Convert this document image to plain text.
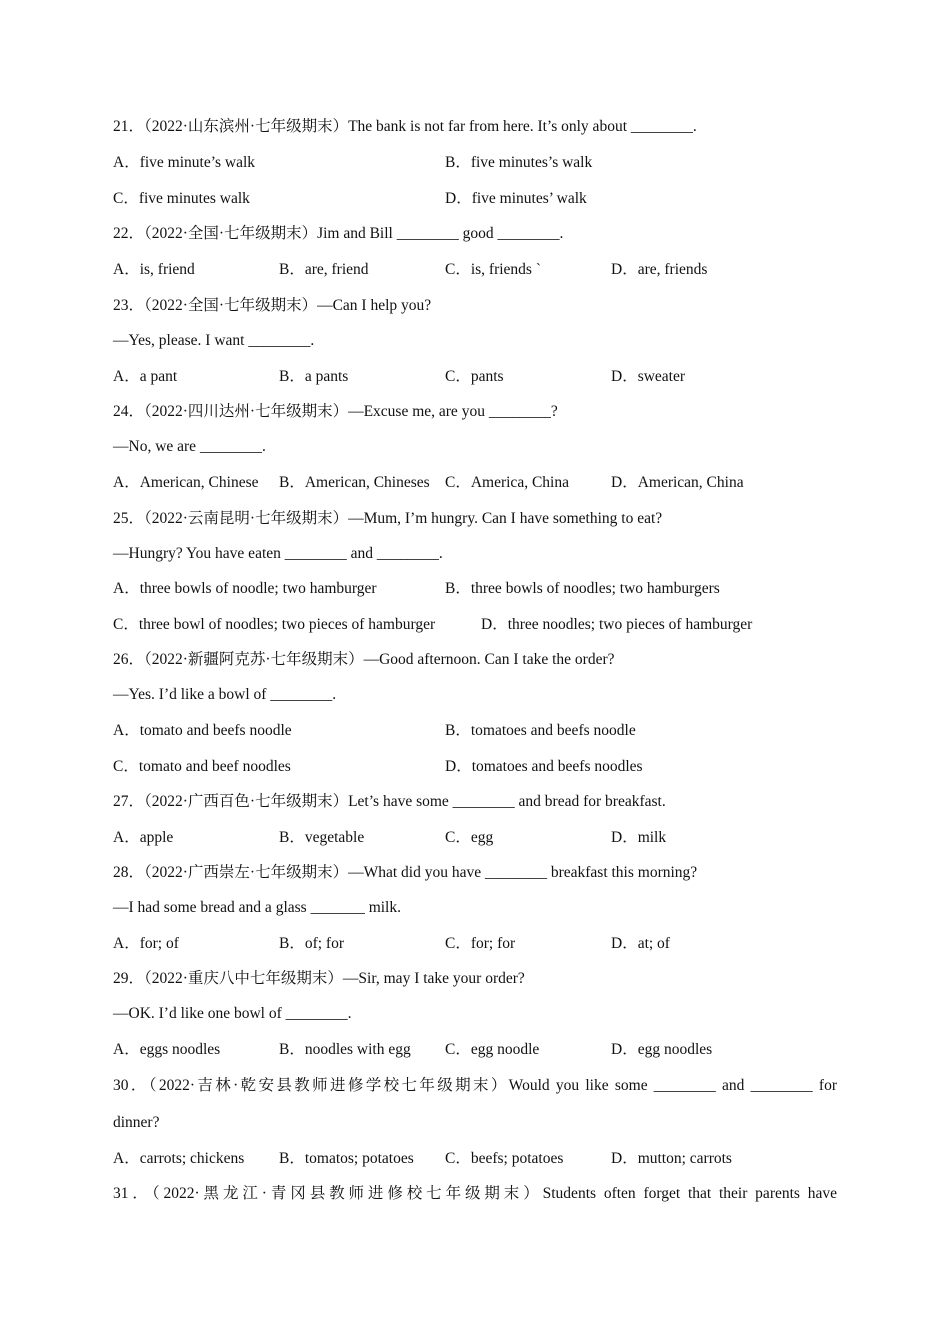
21．（2022·山东滨州·七年级期末）The bank is not far from here. It’s only about ________.
A．five minute’s walk	B．five minutes’s walk
C．five minutes walk	D．five minutes’ walk
22．（2022·全国·七年级期末）Jim and Bill ________ good ________.
A．is, friend	B．are, friend	C．is, friends `	D．are, friends
23．（2022·全国·七年级期末）—Can I help you?
—Yes, please. I want ________.
A．a pant	B．a pants	C．pants	D．sweater
24．（2022·四川达州·七年级期末）—Excuse me, are you ________?
—No, we are ________.
A．American, Chinese B．American, Chineses C．America, China	D．American, China
25．（2022·云南昆明·七年级期末）—Mum, I’m hungry. Can I have something to eat?
—Hungry? You have eaten ________ and ________.
A．three bowls of noodle; two hamburger	B．three bowls of noodles; two hamburgers
C．three bowl of noodles; two pieces of hamburger	D．three noodles; two pieces of hamburger
26．（2022·新疆阿克苏·七年级期末）—Good afternoon. Can I take the order?
—Yes. I’d like a bowl of ________.
A．tomato and beefs noodle	B．tomatoes and beefs noodle
C．tomato and beef noodles	D．tomatoes and beefs noodles
27．（2022·广西百色·七年级期末）Let’s have some ________ and bread for breakfast.
A．apple	B．vegetable	C．egg	D．milk
28．（2022·广西崇左·七年级期末）—What did you have ________ breakfast this morning?
—I had some bread and a glass _______ milk.
A．for; of	B．of; for	C．for; for	D．at; of
29．（2022·重庆八中七年级期末）—Sir, may I take your order?
—OK. I’d like one bowl of ________.
A．eggs noodles	B．noodles with egg C．egg noodle	D．egg noodles
30．（2022·吉林·乾安县教师进修学校七年级期末）Would you like some ________ and ________ for
dinner?
A．carrots; chickens B．tomatos; potatoes C．beefs; potatoes	D．mutton; carrots
31．（2022·黑龙江·青冈县教师进修校七年级期末）Students often forget that their parents have
